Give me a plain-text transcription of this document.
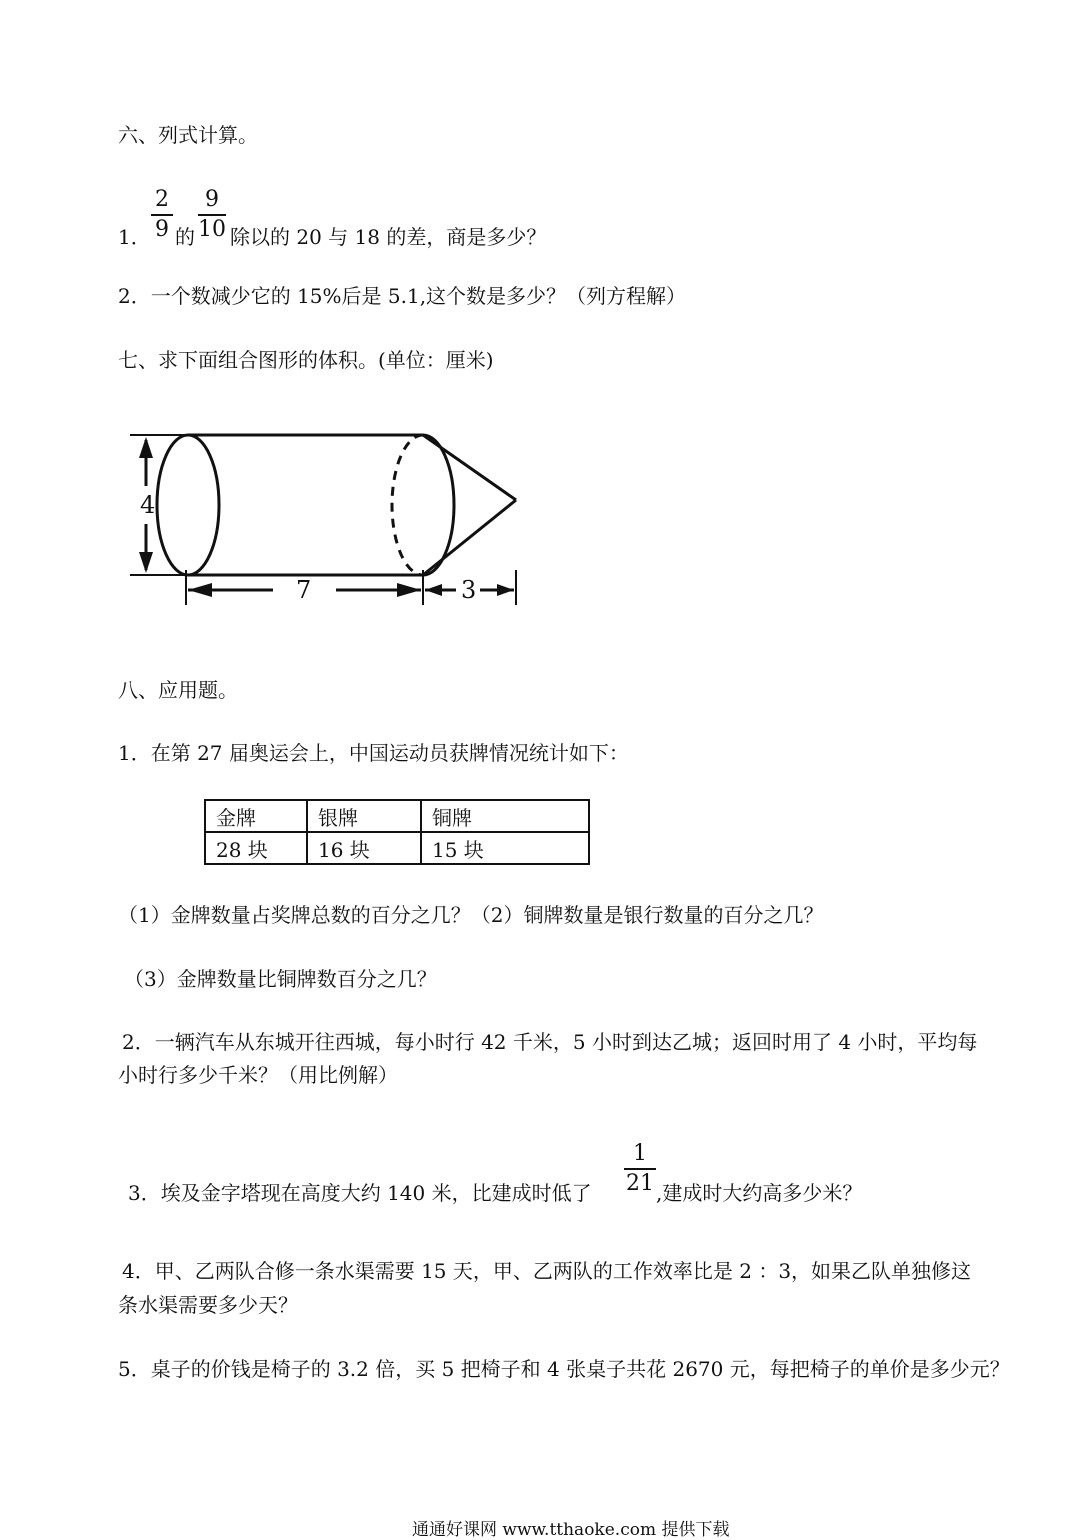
六、列式计算。
1．
2
9 的
9
10 除以的 20 与 18 的差，商是多少？
2．一个数减少它的 15%后是 5.1,这个数是多少？（列方程解）
七、求下面组合图形的体积。(单位：厘米)
4
7	3
八、应用题。
1．在第 27 届奥运会上，中国运动员获牌情况统计如下：
金牌	银牌	铜牌
28 块	16 块	15 块
（1）金牌数量占奖牌总数的百分之几？（2）铜牌数量是银行数量的百分之几？
（3）金牌数量比铜牌数百分之几？
2．一辆汽车从东城开往西城，每小时行 42 千米，5 小时到达乙城；返回时用了 4 小时，平均每
小时行多少千米？（用比例解）
3．埃及金字塔现在高度大约 140 米，比建成时低了
1
21 ,建成时大约高多少米？
4．甲、乙两队合修一条水渠需要 15 天，甲、乙两队的工作效率比是 2 ：3，如果乙队单独修这
条水渠需要多少天？
5．桌子的价钱是椅子的 3.2 倍，买 5 把椅子和 4 张桌子共花 2670 元，每把椅子的单价是多少元？
通通好课网 www.tthaoke.com 提供下载
